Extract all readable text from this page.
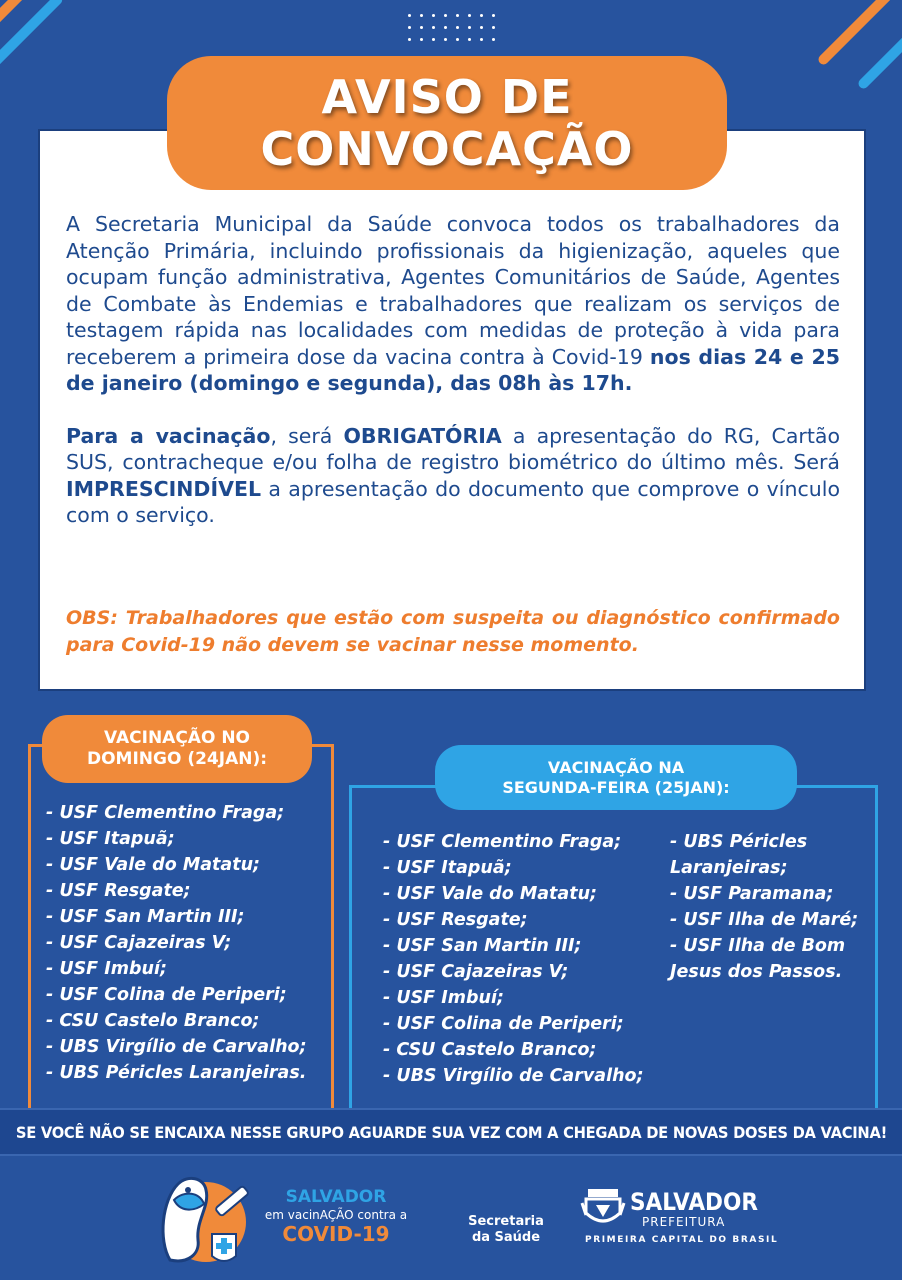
AVISO DE
CONVOCAÇÃO

A Secretaria Municipal da Saúde convoca todos os trabalhadores da Atenção Primária, incluindo profissionais da higienização, aqueles que ocupam função administrativa, Agentes Comunitários de Saúde, Agentes de Combate às Endemias e trabalhadores que realizam os serviços de testagem rápida nas localidades com medidas de proteção à vida para receberem a primeira dose da vacina contra à Covid-19 nos dias 24 e 25 de janeiro (domingo e segunda), das 08h às 17h.

Para a vacinação, será OBRIGATÓRIA a apresentação do RG, Cartão SUS, contracheque e/ou folha de registro biométrico do último mês. Será IMPRESCINDÍVEL a apresentação do documento que comprove o vínculo com o serviço.

OBS: Trabalhadores que estão com suspeita ou diagnóstico confirmado para Covid-19 não devem se vacinar nesse momento.
VACINAÇÃO NO
DOMINGO (24JAN):
- USF Clementino Fraga;
- USF Itapuã;
- USF Vale do Matatu;
- USF Resgate;
- USF San Martin III;
- USF Cajazeiras V;
- USF Imbuí;
- USF Colina de Periperi;
- CSU Castelo Branco;
- UBS Virgílio de Carvalho;
- UBS Péricles Laranjeiras.
VACINAÇÃO NA
SEGUNDA-FEIRA (25JAN):
- USF Clementino Fraga;
- USF Itapuã;
- USF Vale do Matatu;
- USF Resgate;
- USF San Martin III;
- USF Cajazeiras V;
- USF Imbuí;
- USF Colina de Periperi;
- CSU Castelo Branco;
- UBS Virgílio de Carvalho;
- UBS Péricles
Laranjeiras;
- USF Paramana;
- USF Ilha de Maré;
- USF Ilha de Bom
Jesus dos Passos.
SE VOCÊ NÃO SE ENCAIXA NESSE GRUPO AGUARDE SUA VEZ COM A CHEGADA DE NOVAS DOSES DA VACINA!
SALVADOR
em vacinAÇÃO contra a
COVID-19
Secretaria
da Saúde
SALVADOR
PREFEITURA
PRIMEIRA CAPITAL DO BRASIL
